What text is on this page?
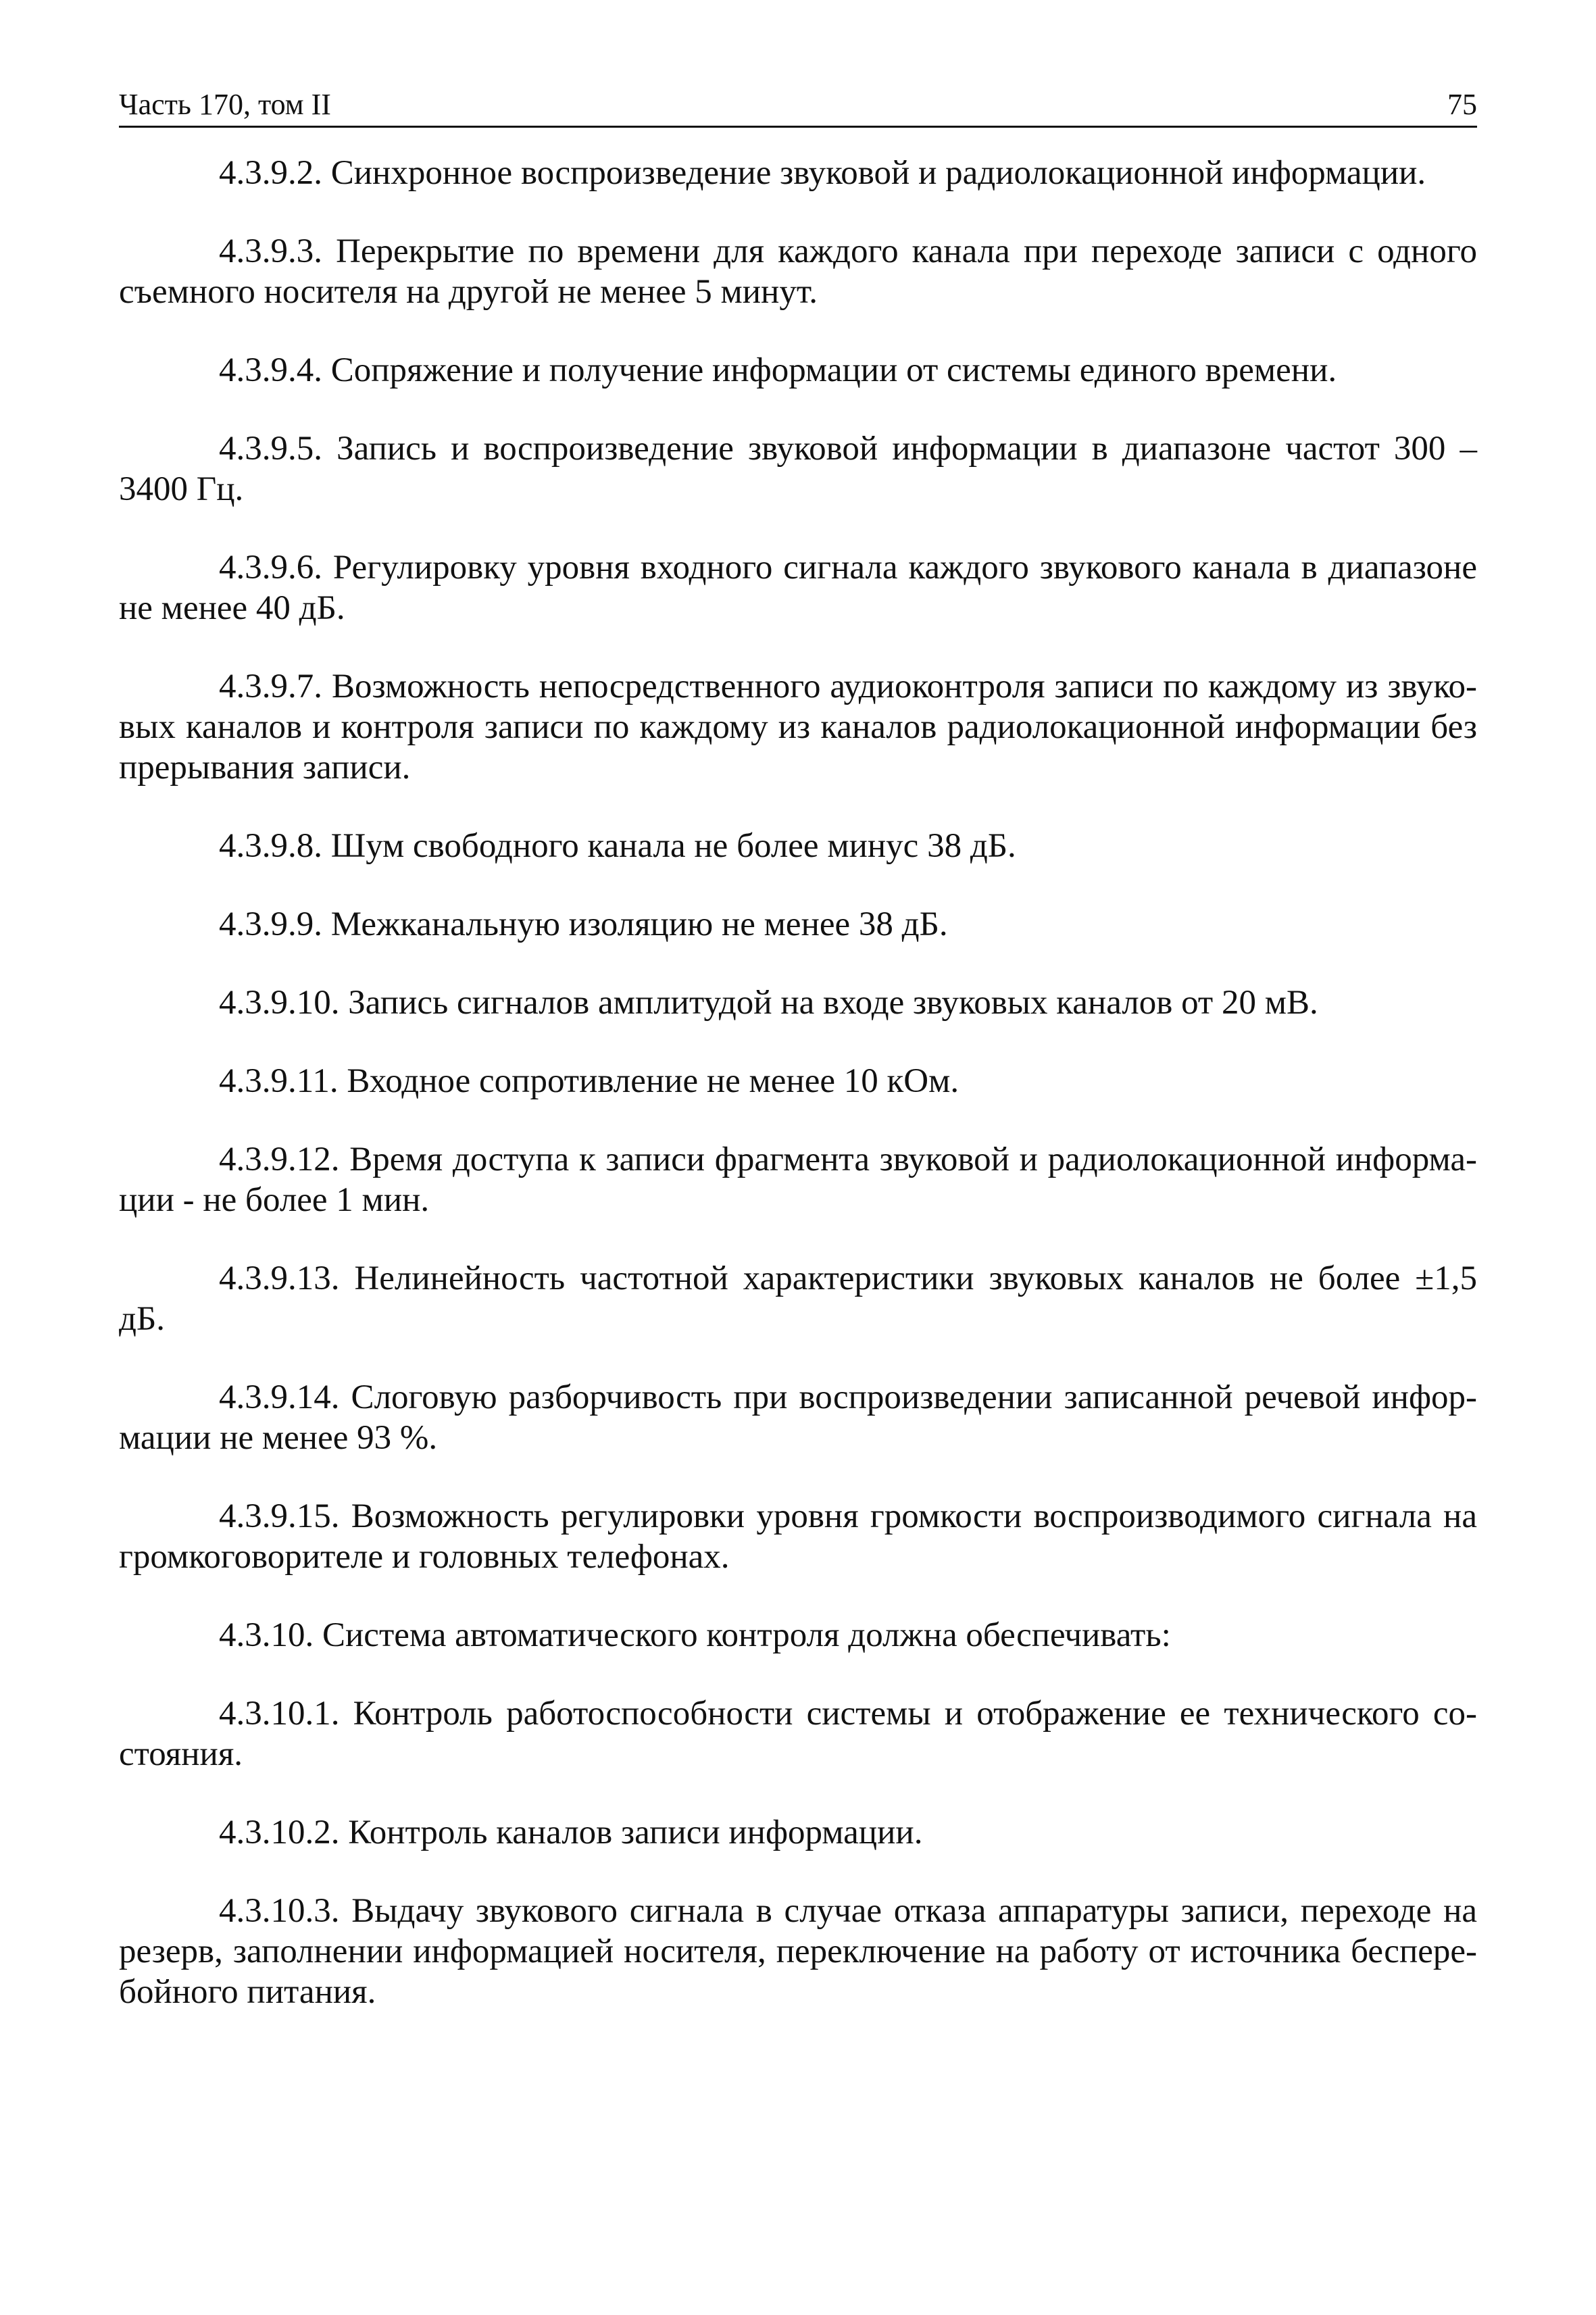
Часть 170, том II	75

4.3.9.2. Синхронное воспроизведение звуковой и радиолокационной информации.

4.3.9.3. Перекрытие по времени для каждого канала при переходе записи с одного съемного носителя на другой не менее 5 минут.

4.3.9.4. Сопряжение и получение информации от системы единого времени.

4.3.9.5. Запись и воспроизведение звуковой информации в диапазоне частот 300 – 3400 Гц.

4.3.9.6. Регулировку уровня входного сигнала каждого звукового канала в диапазоне не менее 40 дБ.

4.3.9.7. Возможность непосредственного аудиоконтроля записи по каждому из звуковых каналов и контроля записи по каждому из каналов радиолокационной информации без прерывания записи.

4.3.9.8. Шум свободного канала не более минус 38 дБ.

4.3.9.9. Межканальную изоляцию не менее 38 дБ.

4.3.9.10. Запись сигналов амплитудой на входе звуковых каналов от 20 мВ.

4.3.9.11. Входное сопротивление не менее 10 кОм.

4.3.9.12. Время доступа к записи фрагмента звуковой и радиолокационной информации - не более 1 мин.

4.3.9.13. Нелинейность частотной характеристики звуковых каналов не более ±1,5 дБ.

4.3.9.14. Слоговую разборчивость при воспроизведении записанной речевой информации не менее 93 %.

4.3.9.15. Возможность регулировки уровня громкости воспроизводимого сигнала на громкоговорителе и головных телефонах.

4.3.10. Система автоматического контроля должна обеспечивать:

4.3.10.1. Контроль работоспособности системы и отображение ее технического состояния.

4.3.10.2. Контроль каналов записи информации.

4.3.10.3. Выдачу звукового сигнала в случае отказа аппаратуры записи, переходе на резерв, заполнении информацией носителя, переключение на работу от источника бесперебойного питания.
